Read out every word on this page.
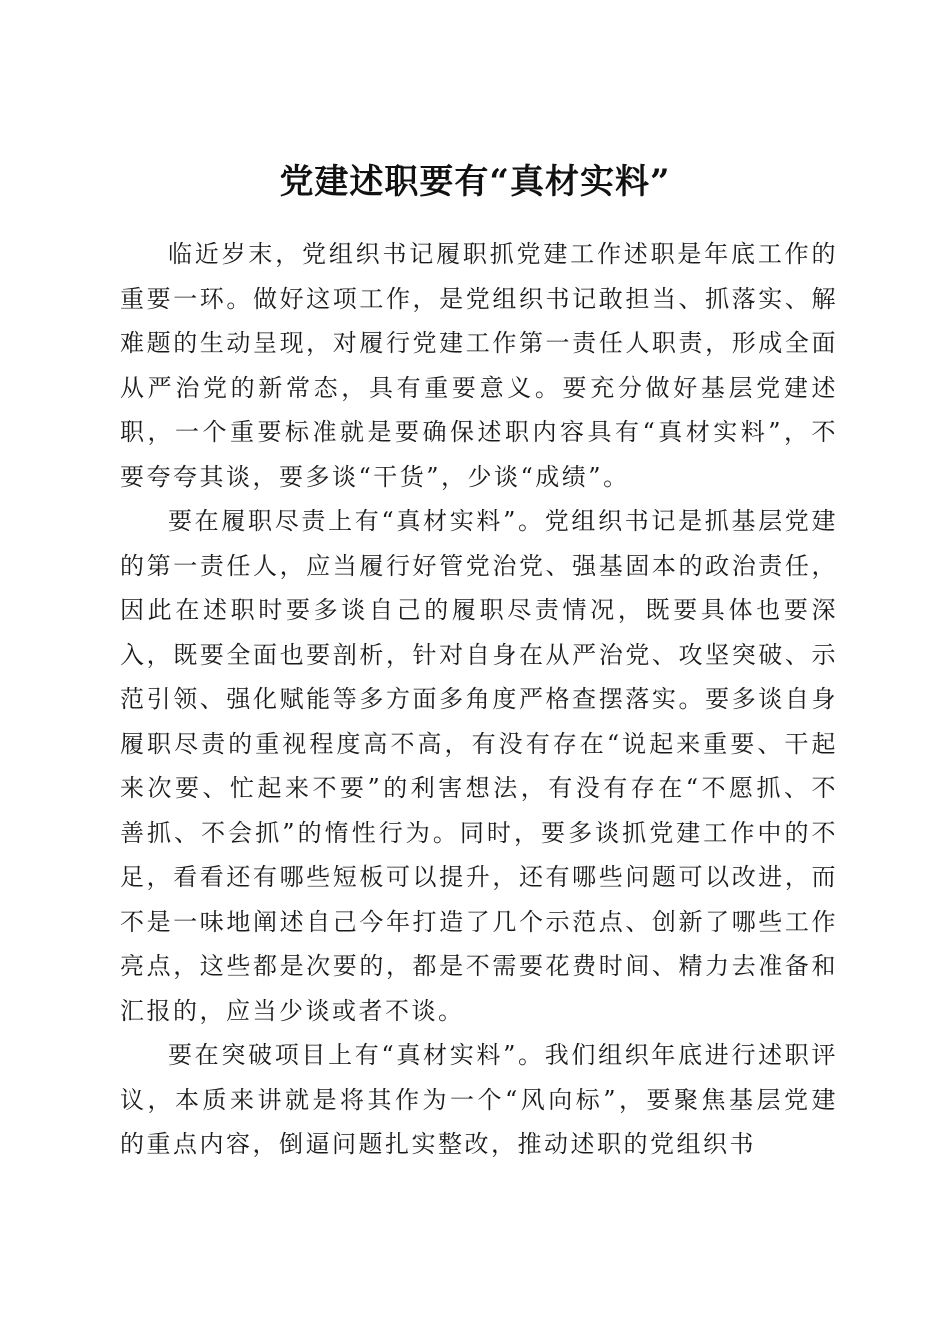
党建述职要有“真材实料”

临近岁末，党组织书记履职抓党建工作述职是年底工作的重要一环。做好这项工作，是党组织书记敢担当、抓落实、解难题的生动呈现，对履行党建工作第一责任人职责，形成全面从严治党的新常态，具有重要意义。要充分做好基层党建述职，一个重要标准就是要确保述职内容具有“真材实料”，不要夸夸其谈，要多谈“干货”，少谈“成绩”。

要在履职尽责上有“真材实料”。党组织书记是抓基层党建的第一责任人，应当履行好管党治党、强基固本的政治责任，因此在述职时要多谈自己的履职尽责情况，既要具体也要深入，既要全面也要剖析，针对自身在从严治党、攻坚突破、示范引领、强化赋能等多方面多角度严格查摆落实。要多谈自身履职尽责的重视程度高不高，有没有存在“说起来重要、干起来次要、忙起来不要”的利害想法，有没有存在“不愿抓、不善抓、不会抓”的惰性行为。同时，要多谈抓党建工作中的不足，看看还有哪些短板可以提升，还有哪些问题可以改进，而不是一味地阐述自己今年打造了几个示范点、创新了哪些工作亮点，这些都是次要的，都是不需要花费时间、精力去准备和汇报的，应当少谈或者不谈。

要在突破项目上有“真材实料”。我们组织年底进行述职评议，本质来讲就是将其作为一个“风向标”，要聚焦基层党建的重点内容，倒逼问题扎实整改，推动述职的党组织书
